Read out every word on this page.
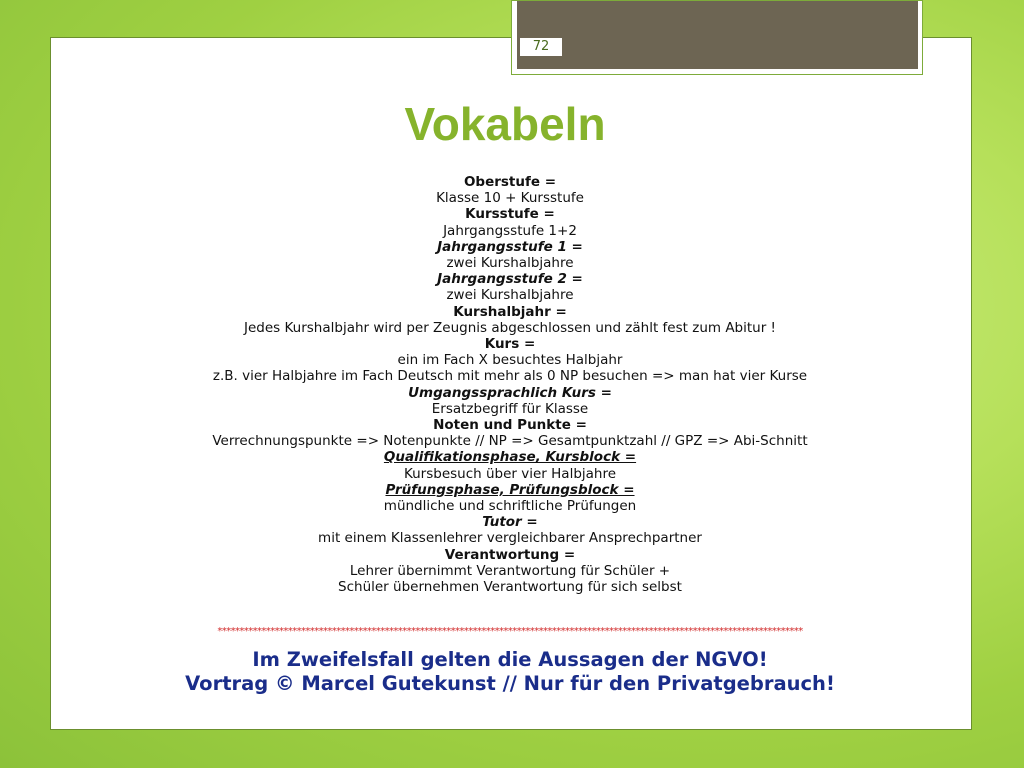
72
Vokabeln
Oberstufe =
Klasse 10 + Kursstufe
Kursstufe =
Jahrgangsstufe 1+2
Jahrgangsstufe 1 =
zwei Kurshalbjahre
Jahrgangsstufe 2 =
zwei Kurshalbjahre
Kurshalbjahr =
Jedes Kurshalbjahr wird per Zeugnis abgeschlossen und zählt fest zum Abitur !
Kurs =
ein im Fach X besuchtes Halbjahr
z.B. vier Halbjahre im Fach Deutsch mit mehr als 0 NP besuchen => man hat vier Kurse
Umgangssprachlich Kurs =
Ersatzbegriff für Klasse
Noten und Punkte =
Verrechnungspunkte => Notenpunkte // NP => Gesamtpunktzahl // GPZ => Abi-Schnitt
Qualifikationsphase, Kursblock =
Kursbesuch über vier Halbjahre
Prüfungsphase, Prüfungsblock =
mündliche und schriftliche Prüfungen
Tutor =
mit einem Klassenlehrer vergleichbarer Ansprechpartner
Verantwortung =
Lehrer übernimmt Verantwortung für Schüler +
Schüler übernehmen Verantwortung für sich selbst
*************************************************************************************************************************************
Im Zweifelsfall gelten die Aussagen der NGVO!
Vortrag © Marcel Gutekunst // Nur für den Privatgebrauch!
